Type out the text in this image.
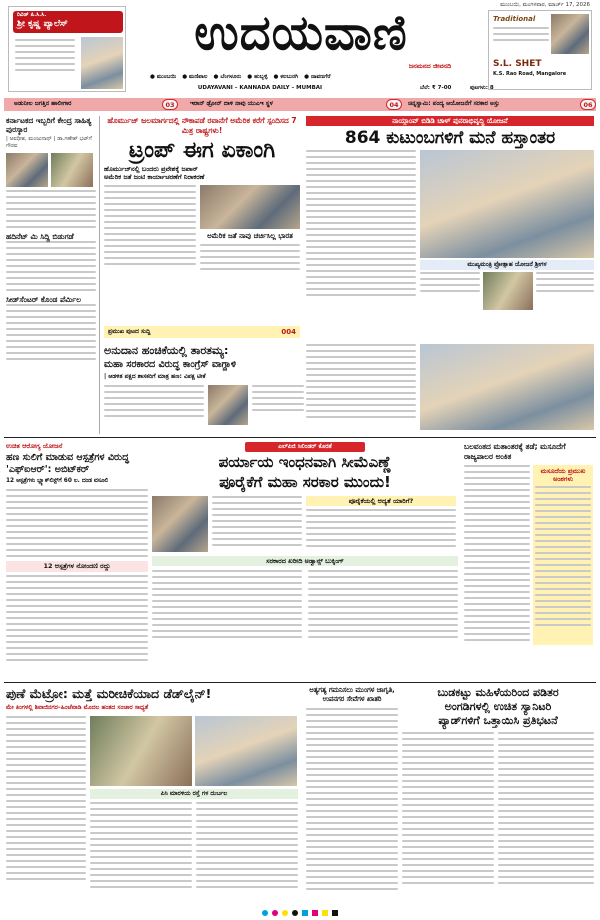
ರಿವಿಡ್‌ ಪಿ.ಸಿ.ಸಿ.
ಶ್ರೀ ಕೃಷ್ಣ ಪ್ಯಾಲೆಸ್	ಉದಯವಾಣಿ
● ಮುಂಬಯಿ ● ಮಣಿಪಾಲ ● ಬೆಂಗಳೂರು ● ಹುಬ್ಬಳ್ಳಿ ● ಕಲಬುರಗಿ ● ದಾವಣಗೆರೆ
ಜನಮನದ ಜೀವನದಿ
UDAYAVANI – KANNADA DAILY – MUMBAI
ಮುಂಬಯಿ, ಮಂಗಳವಾರ, ಮಾರ್ಚ್ 17, 2026
ಬೆಲೆ: ₹ 7-00	ಪುಟಗಳು: 8
Traditional
S.L. SHET
K.S. Rao Road, Mangalore
ಅಡುನೀಲ ಜಗತ್ತಿನ ಹಾಲೀಗಾರ	03	ಇರಾನ್ ಡ್ರೋನ್ ದಾಳಿ ನಾವು ಯುಎಇ ಸ್ಥಳ	04	ಚಿನ್ನಸ್ವಾಮಿ: ಪಂದ್ಯ ಆಯೋಜನೆಗೆ ಸರಕಾರ ಅಸ್ತು	06
ಕರ್ನಾಟಕದ ಇಬ್ಬರಿಗೆ ಕೇಂದ್ರ ಸಾಹಿತ್ಯ ಪುರಸ್ಕಾರ
| ಅವಧೀಶ, ಮಂಜುನಾಥ್ | ಡಾ.ಗಣೇಶ್ ಭಟ್‌ಗೆ ಗೌರವ
ಹದಿನೆಟ್ ಮಿ ಸಿದ್ದಿ ಬಿಡುಗಡೆ
ಸೀಡ್‌ಸೆಂಟರ್ ಕೊಂಡ ಪೆರ್ಮಿಲ
ಹೊರ್ಮುಜ್ ಜಲಮಾರ್ಗದಲ್ಲಿ ನೌಕಾಪಡೆ ರವಾನೆಗೆ ಅಮೆರಿಕ ಕರೆಗೆ ಸ್ಪಂದಿಸದ 7 ಮಿತ್ರ ರಾಷ್ಟ್ರಗಳು!
ಟ್ರಂಪ್ ಈಗ ಏಕಾಂಗಿ
ಹೊರ್ಮುಜ್‌ನಲ್ಲಿ ಬಂದರು ಪ್ರವೇಶಕ್ಕೆ ಜಪಾನ್‌
ಅಮೆರಿಕ ಜತೆ ಜಂಟಿ ಕಾರ್ಯಾಚರಣೆಗೆ ನಿರಾಕರಣೆ
ಅಮೆರಿಕ ಜತೆ ನಾವು ಚರ್ಚಿಸಿಲ್ಲ ಭಾರತ
ಪ್ರಮುಖ ಪುಟದ ಸುದ್ದಿ	004
ನಾಯ್ಗಾಂವ್ ಬಿಡಿಡಿ ಚಾಳ್ ಪುನರಾಭಿವೃದ್ಧಿ ಯೋಜನೆ
864 ಕುಟುಂಬಗಳಿಗೆ ಮನೆ ಹಸ್ತಾಂತರ
ಮುಖ್ಯಮಂತ್ರಿ ಪ್ರೋತ್ಸಾಹ ಯೋಜನೆ ಶ್ರೀಗಳ
ಅನುದಾನ ಹಂಚಿಕೆಯಲ್ಲಿ ತಾರತಮ್ಯ:
ಮಹಾ ಸರಕಾರದ ವಿರುದ್ಧ ಕಾಂಗ್ರೆಸ್ ವಾಗ್ದಾಳಿ
| ಆಡಳಿತ ಪಕ್ಷದ ಶಾಸಕರಿಗೆ ಮಾತ್ರ ಹಣ: ವಿಪಕ್ಷ ಟೀಕೆ
ಉಚಿತ ಆರೋಗ್ಯ ಯೋಜನೆ
ಹಣ ಸುಲಿಗೆ ಮಾಡುವ ಆಸ್ಪತ್ರೆಗಳ ವಿರುದ್ಧ 'ಎಫ್‌ಐಆರ್': ಅಬಿಟ್‌ಕರ್
12 ಆಸ್ಪತ್ರೆಗಳು ಬ್ಲ್ಯಾಕ್‌ಲಿಸ್ಟ್‌ಗೆ 60 ಲ. ದಂಡ ವಸೂಲಿ
12 ಆಸ್ಪತ್ರೆಗಳ ನೋಂದಣಿ ರದ್ದು
ಎಲ್‌ಪಿಜಿ ಸಿಲಿಂಡರ್ ಕೊರತೆ
ಪರ್ಯಾಯ ಇಂಧನವಾಗಿ ಸೀಮೆಎಣ್ಣೆ
ಪೂರೈಕೆಗೆ ಮಹಾ ಸರಕಾರ ಮುಂದು!
ಪೂರೈಕೆಯಲ್ಲಿ ಆದ್ಯತೆ ಯಾರಿಗೆ?
ಸರಕಾರದ ಖರೀದಿ ಅಡ್ವಾನ್ಸ್ ಬುಕ್ಕಿಂಗ್
ಬಲವಂತದ ಮತಾಂತರಕ್ಕೆ ತಡೆ; ಮಸೂದೆಗೆ ರಾಜ್ಯಪಾಲರ ಅಂಕಿತ
ಮಸೂದೆಯ ಪ್ರಮುಖ ಅಂಶಗಳು
ಪುಣೆ ಮೆಟ್ರೋ: ಮತ್ತೆ ಮರೀಚಿಕೆಯಾದ ಡೆಡ್‌ಲೈನ್!
ಮೇ ತಿಂಗಳಲ್ಲಿ ಶಿವಾಜಿನಗರ–ಹಿಂಜೆವಾಡಿ ಮೊದಲ ಹಂತದ ಸಂಚಾರ ಸಾಧ್ಯತೆ
ಪಿಸಿ ಮಾರಳಿಯ ರಸ್ತೆ ಗಳ ದುರ್ಬಲ
ಅತ್ಯಗತ್ಯ ಗಮನಿಸಲು ಮುಂಗಳ ಜಾಗೃತಿ, ಉಪನಗರ ಸೇವೆಗಳ ಖಾತರಿ	ಬುಡಕಟ್ಟು ಮಹಿಳೆಯರಿಂದ ಪಡಿತರ
ಅಂಗಡಿಗಳಲ್ಲಿ ಉಚಿತ ಸ್ಯಾನಿಟರಿ
ಪ್ಯಾಡ್‌ಗಳಿಗೆ ಒತ್ತಾಯಿಸಿ ಪ್ರತಿಭಟನೆ
